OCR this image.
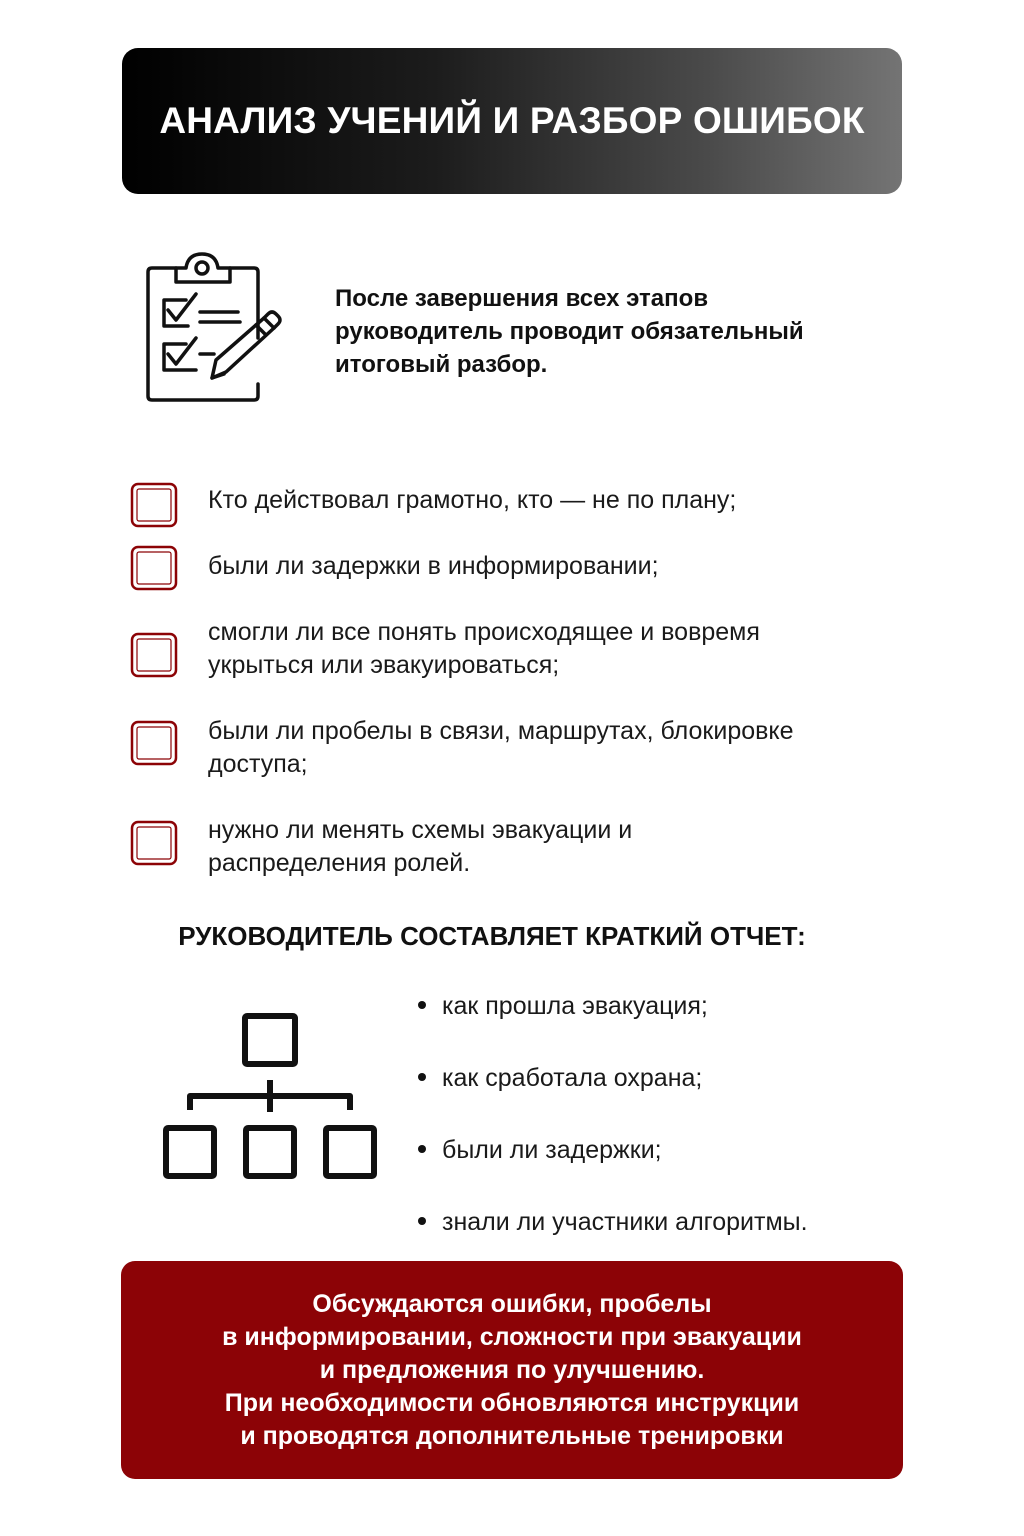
АНАЛИЗ УЧЕНИЙ И РАЗБОР ОШИБОК
После завершения всех этапов
руководитель проводит обязательный
итоговый разбор.
Кто действовал грамотно, кто — не по плану;
были ли задержки в информировании;
смогли ли все понять происходящее и вовремя
укрыться или эвакуироваться;
были ли пробелы в связи, маршрутах, блокировке
доступа;
нужно ли менять схемы эвакуации и
распределения ролей.
РУКОВОДИТЕЛЬ СОСТАВЛЯЕТ КРАТКИЙ ОТЧЕТ:
как прошла эвакуация;
как сработала охрана;
были ли задержки;
знали ли участники алгоритмы.
Обсуждаются ошибки, пробелы
в информировании, сложности при эвакуации
и предложения по улучшению.
При необходимости обновляются инструкции
и проводятся дополнительные тренировки
